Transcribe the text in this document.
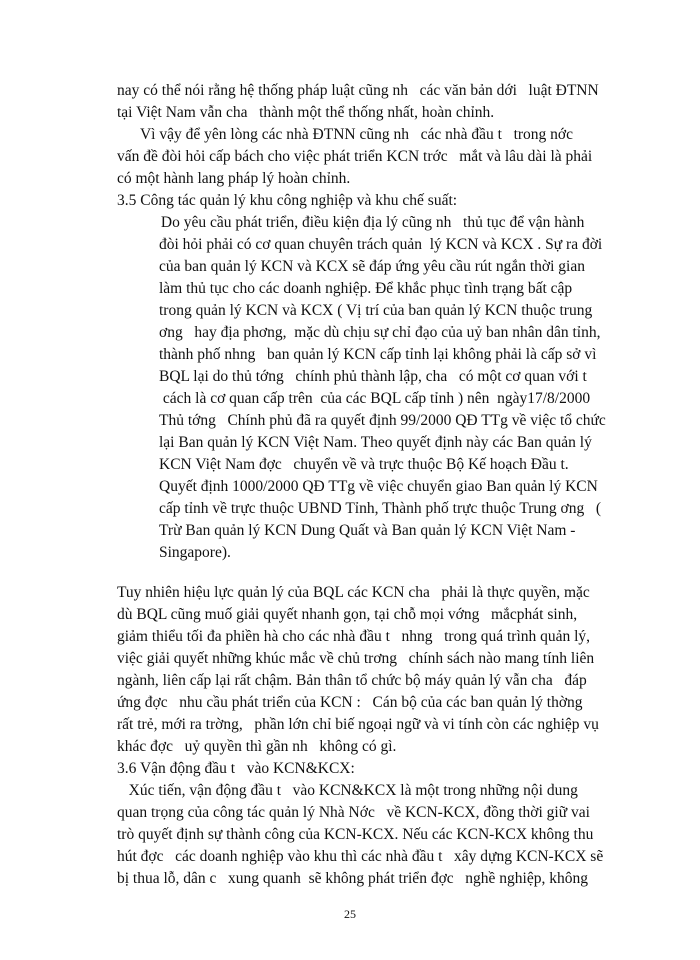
nay có thể nói rằng hệ thống pháp luật cũng nh   các văn bản dới   luật ĐTNN
tại Việt Nam vẫn cha   thành một thể thống nhất, hoàn chỉnh.
Vì vậy để yên lòng các nhà ĐTNN cũng nh   các nhà đầu t   trong nớc
vấn đề đòi hỏi cấp bách cho việc phát triển KCN trớc   mắt và lâu dài là phải
có một hành lang pháp lý hoàn chỉnh.
3.5 Công tác quản lý khu công nghiệp và khu chế suất:
Do yêu cầu phát triển, điều kiện địa lý cũng nh   thủ tục để vận hành
đòi hỏi phải có cơ quan chuyên trách quản  lý KCN và KCX . Sự ra đời
của ban quản lý KCN và KCX sẽ đáp ứng yêu cầu rút ngắn thời gian
làm thủ tục cho các doanh nghiệp. Để khắc phục tình trạng bất cập
trong quản lý KCN và KCX ( Vị trí của ban quản lý KCN thuộc trung
ơng   hay địa phơng,  mặc dù chịu sự chỉ đạo của uỷ ban nhân dân tỉnh,
thành phố nhng   ban quản lý KCN cấp tỉnh lại không phải là cấp sở vì
BQL lại do thủ tớng   chính phủ thành lập, cha   có một cơ quan với t
cách là cơ quan cấp trên  của các BQL cấp tỉnh ) nên  ngày17/8/2000
Thủ tớng   Chính phủ đã ra quyết định 99/2000 QĐ TTg về việc tổ chức
lại Ban quản lý KCN Việt Nam. Theo quyết định này các Ban quản lý
KCN Việt Nam đợc   chuyển về và trực thuộc Bộ Kế hoạch Đầu t.
Quyết định 1000/2000 QĐ TTg về việc chuyển giao Ban quản lý KCN
cấp tỉnh về trực thuộc UBND Tỉnh, Thành phố trực thuộc Trung ơng   (
Trừ Ban quản lý KCN Dung Quất và Ban quản lý KCN Việt Nam -
Singapore).
Tuy nhiên hiệu lực quản lý của BQL các KCN cha   phải là thực quyền, mặc
dù BQL cũng muố giải quyết nhanh gọn, tại chỗ mọi vớng   mắcphát sinh,
giảm thiểu tối đa phiền hà cho các nhà đầu t   nhng   trong quá trình quản lý,
việc giải quyết những khúc mắc về chủ trơng   chính sách nào mang tính liên
ngành, liên cấp lại rất chậm. Bản thân tổ chức bộ máy quản lý vẫn cha   đáp
ứng đợc   nhu cầu phát triển của KCN :   Cán bộ của các ban quản lý thờng
rất trẻ, mới ra trờng,   phần lớn chỉ biế ngoại ngữ và vi tính còn các nghiệp vụ
khác đợc   uỷ quyền thì gần nh   không có gì.
3.6 Vận động đầu t   vào KCN&KCX:
Xúc tiến, vận động đầu t   vào KCN&KCX là một trong những nội dung
quan trọng của công tác quản lý Nhà Nớc   về KCN-KCX, đồng thời giữ vai
trò quyết định sự thành công của KCN-KCX. Nếu các KCN-KCX không thu
hút đợc   các doanh nghiệp vào khu thì các nhà đầu t   xây dựng KCN-KCX sẽ
bị thua lỗ, dân c   xung quanh  sẽ không phát triển đợc   nghề nghiệp, không
25
